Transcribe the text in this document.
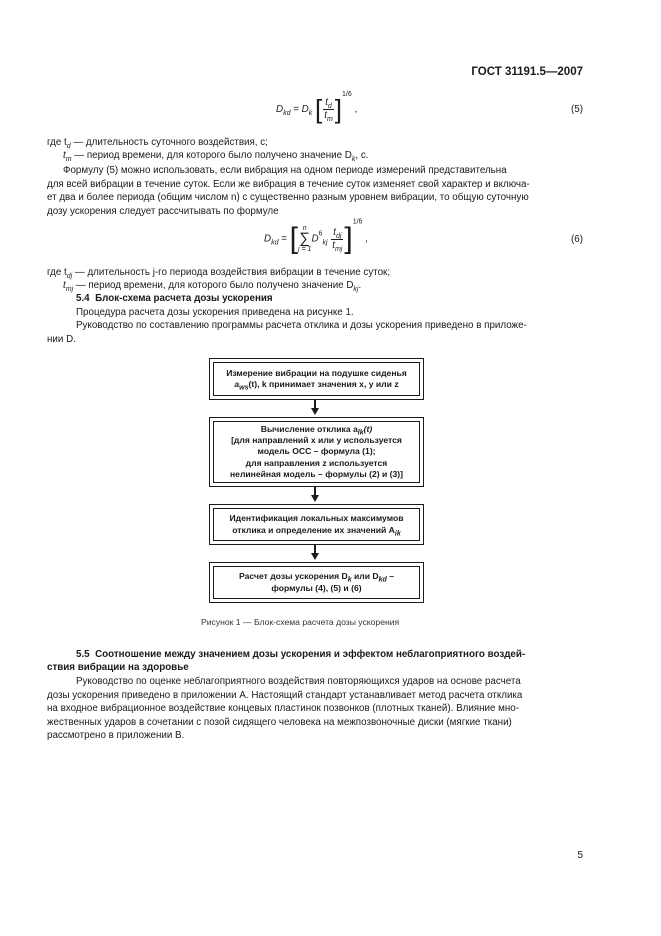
ГОСТ 31191.5—2007
$D_{kd} = D_k$ [ $\frac{t_d}{t_m} ]^{1/6}$ ,	(5)
где $t_d$ — длительность суточного воздействия, с;
$t_m$ — период времени, для которого было получено значение $D_k$, с.
Формулу (5) можно использовать, если вибрация на одном периоде измерений представительна
для всей вибрации в течение суток. Если же вибрация в течение суток изменяет свой характер и включа-
ет два и более периода (общим числом n) с существенно разным уровнем вибрации, то общую суточную
дозу ускорения следует рассчитывать по формуле
$D_{kd}$ = [ n
∑
j = 1
$D^6_{kj} \frac{t_{dj}}{t_{mj}} ]^{1/6}$ ,	(6)
где $t_{dj}$ — длительность j-го периода воздействия вибрации в течение суток;
$t_{mj}$ — период времени, для которого было получено значение $D_{kj}$.
5.4 Блок-схема расчета дозы ускорения
Процедура расчета дозы ускорения приведена на рисунке 1.
Руководство по составлению программы расчета отклика и дозы ускорения приведено в приложе-
нии D.
Измерение вибрации на подушке сиденья
$a_{ws}(t)$, k принимает значения x, y или z
Вычисление отклика $a_{lk}(t)$
[для направлений x или y используется
модель ОСС – формула (1);
для направления z используется
нелинейная модель – формулы (2) и (3)]
Идентификация локальных максимумов
отклика и определение их значений $A_{ik}$
Расчет дозы ускорения $D_k$ или $D_{kd}$ –
формулы (4), (5) и (6)
Рисунок 1 — Блок-схема расчета дозы ускорения
5.5 Соотношение между значением дозы ускорения и эффектом неблагоприятного воздей-
ствия вибрации на здоровье
Руководство по оценке неблагоприятного воздействия повторяющихся ударов на основе расчета
дозы ускорения приведено в приложении А. Настоящий стандарт устанавливает метод расчета отклика
на входное вибрационное воздействие концевых пластинок позвонков (плотных тканей). Влияние мно-
жественных ударов в сочетании с позой сидящего человека на межпозвоночные диски (мягкие ткани)
рассмотрено в приложении В.
5
